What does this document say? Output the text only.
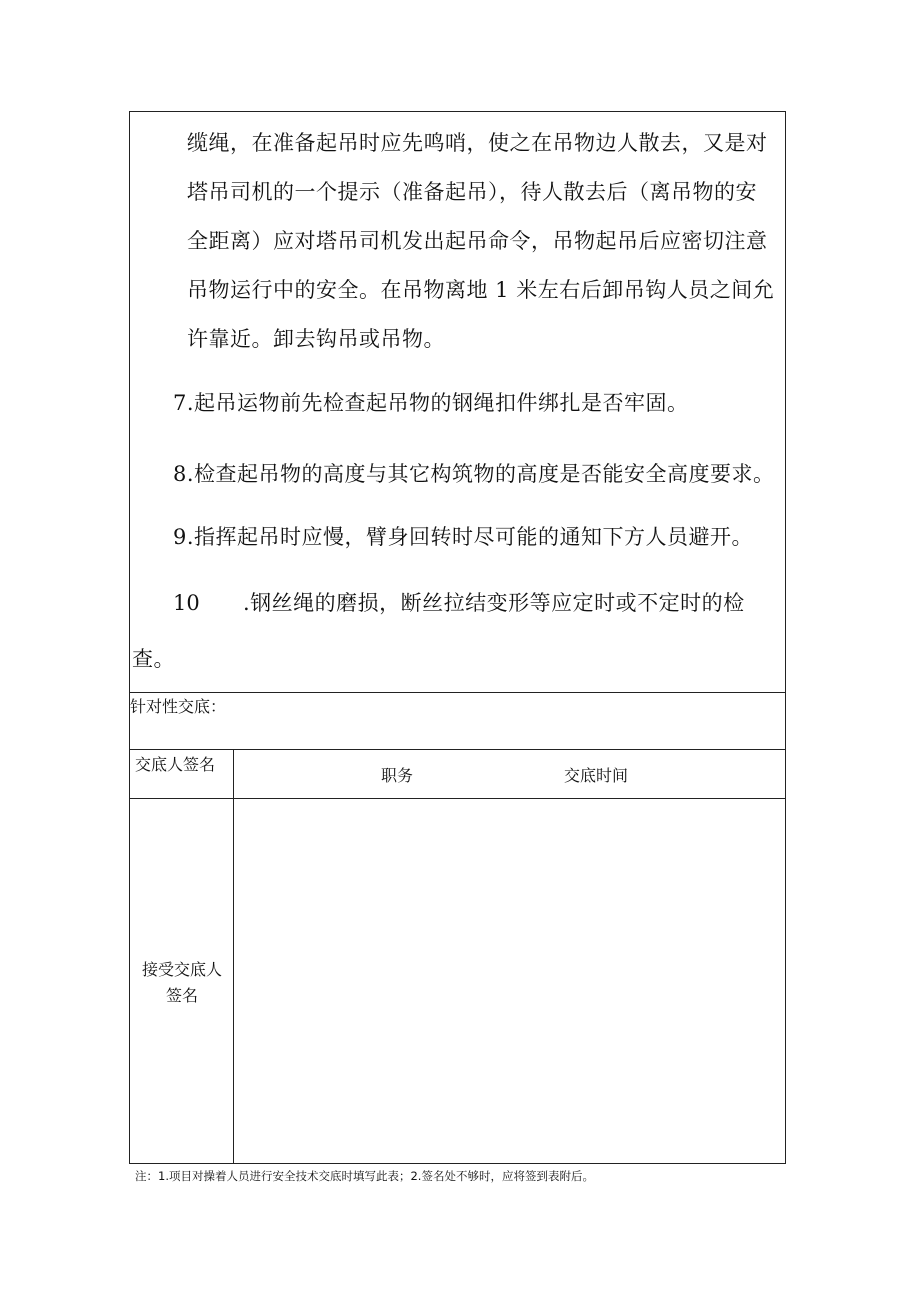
缆绳，在准备起吊时应先鸣哨，使之在吊物边人散去，又是对
塔吊司机的一个提示（准备起吊），待人散去后（离吊物的安
全距离）应对塔吊司机发出起吊命令，吊物起吊后应密切注意
吊物运行中的安全。在吊物离地 1 米左右后卸吊钩人员之间允
许靠近。卸去钩吊或吊物。
7.起吊运物前先检查起吊物的钢绳扣件绑扎是否牢固。
8.检查起吊物的高度与其它构筑物的高度是否能安全高度要求。
9.指挥起吊时应慢，臂身回转时尽可能的通知下方人员避开。
10 .钢丝绳的磨损，断丝拉结变形等应定时或不定时的检
查。
针对性交底：
交底人签名
职务	交底时间
接受交底人
签名
注：1.项目对操着人员进行安全技术交底时填写此表；2.签名处不够时，应将签到表附后。
